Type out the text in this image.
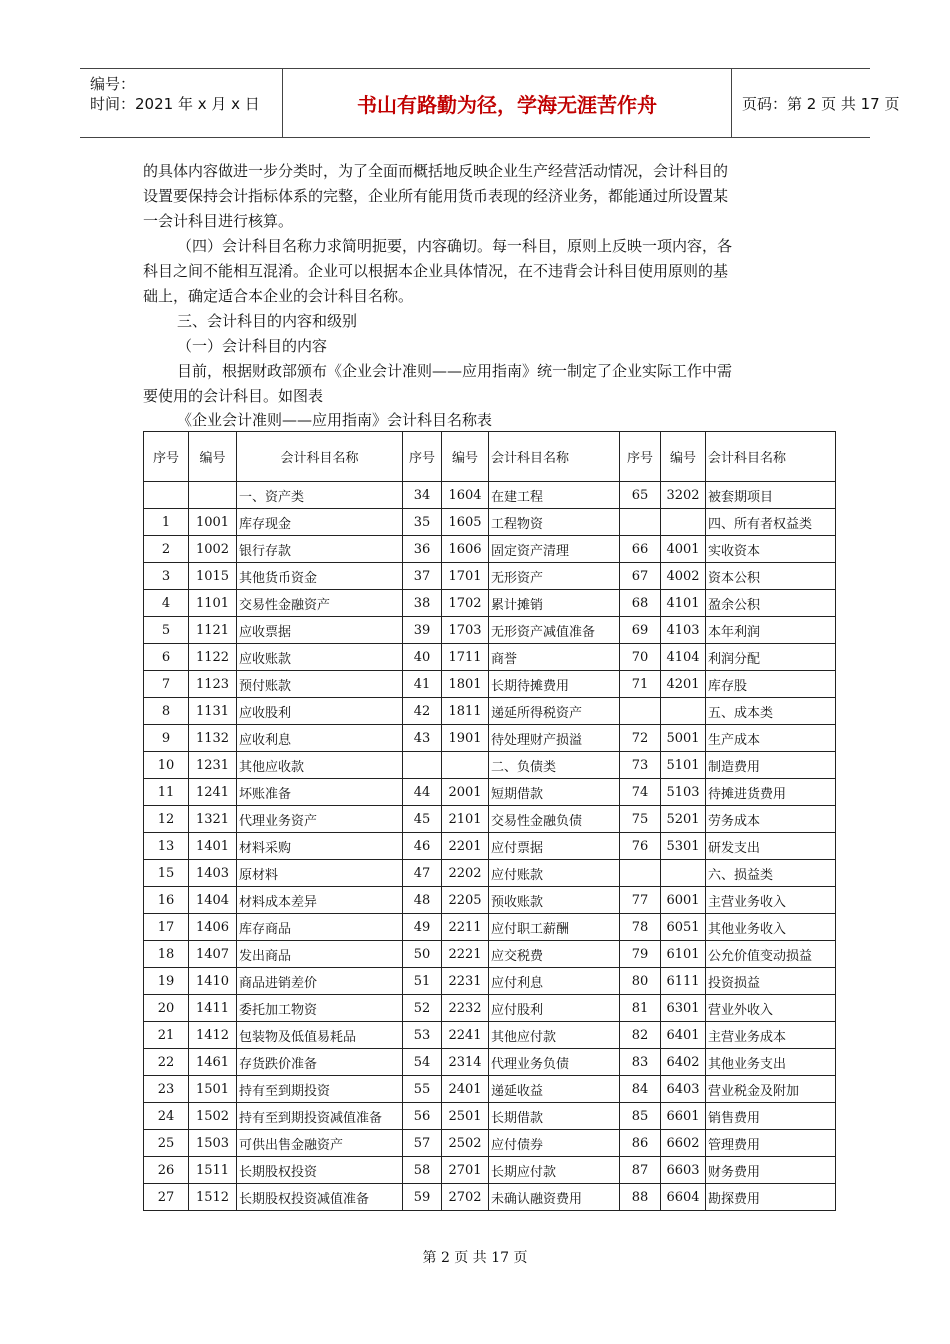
编号：
时间：2021 年 x 月 x 日	书山有路勤为径，学海无涯苦作舟	页码：第 2 页 共 17 页
的具体内容做进一步分类时，为了全面而概括地反映企业生产经营活动情况，会计科目的
设置要保持会计指标体系的完整，企业所有能用货币表现的经济业务，都能通过所设置某
一会计科目进行核算。
（四）会计科目名称力求简明扼要，内容确切。每一科目，原则上反映一项内容，各
科目之间不能相互混淆。企业可以根据本企业具体情况，在不违背会计科目使用原则的基
础上，确定适合本企业的会计科目名称。
三、会计科目的内容和级别
（一）会计科目的内容
目前，根据财政部颁布《企业会计准则——应用指南》统一制定了企业实际工作中需
要使用的会计科目。如图表
《企业会计准则——应用指南》会计科目名称表
序号	编号	会计科目名称	序号	编号	会计科目名称	序号	编号	会计科目名称
		一、资产类	34	1604	在建工程	65	3202	被套期项目
1	1001	库存现金	35	1605	工程物资			四、所有者权益类
2	1002	银行存款	36	1606	固定资产清理	66	4001	实收资本
3	1015	其他货币资金	37	1701	无形资产	67	4002	资本公积
4	1101	交易性金融资产	38	1702	累计摊销	68	4101	盈余公积
5	1121	应收票据	39	1703	无形资产减值准备	69	4103	本年利润
6	1122	应收账款	40	1711	商誉	70	4104	利润分配
7	1123	预付账款	41	1801	长期待摊费用	71	4201	库存股
8	1131	应收股利	42	1811	递延所得税资产			五、成本类
9	1132	应收利息	43	1901	待处理财产损溢	72	5001	生产成本
10	1231	其他应收款			二、负债类	73	5101	制造费用
11	1241	坏账准备	44	2001	短期借款	74	5103	待摊进货费用
12	1321	代理业务资产	45	2101	交易性金融负债	75	5201	劳务成本
13	1401	材料采购	46	2201	应付票据	76	5301	研发支出
15	1403	原材料	47	2202	应付账款			六、损益类
16	1404	材料成本差异	48	2205	预收账款	77	6001	主营业务收入
17	1406	库存商品	49	2211	应付职工薪酬	78	6051	其他业务收入
18	1407	发出商品	50	2221	应交税费	79	6101	公允价值变动损益
19	1410	商品进销差价	51	2231	应付利息	80	6111	投资损益
20	1411	委托加工物资	52	2232	应付股利	81	6301	营业外收入
21	1412	包装物及低值易耗品	53	2241	其他应付款	82	6401	主营业务成本
22	1461	存货跌价准备	54	2314	代理业务负债	83	6402	其他业务支出
23	1501	持有至到期投资	55	2401	递延收益	84	6403	营业税金及附加
24	1502	持有至到期投资减值准备	56	2501	长期借款	85	6601	销售费用
25	1503	可供出售金融资产	57	2502	应付债券	86	6602	管理费用
26	1511	长期股权投资	58	2701	长期应付款	87	6603	财务费用
27	1512	长期股权投资减值准备	59	2702	未确认融资费用	88	6604	勘探费用
第 2 页 共 17 页
